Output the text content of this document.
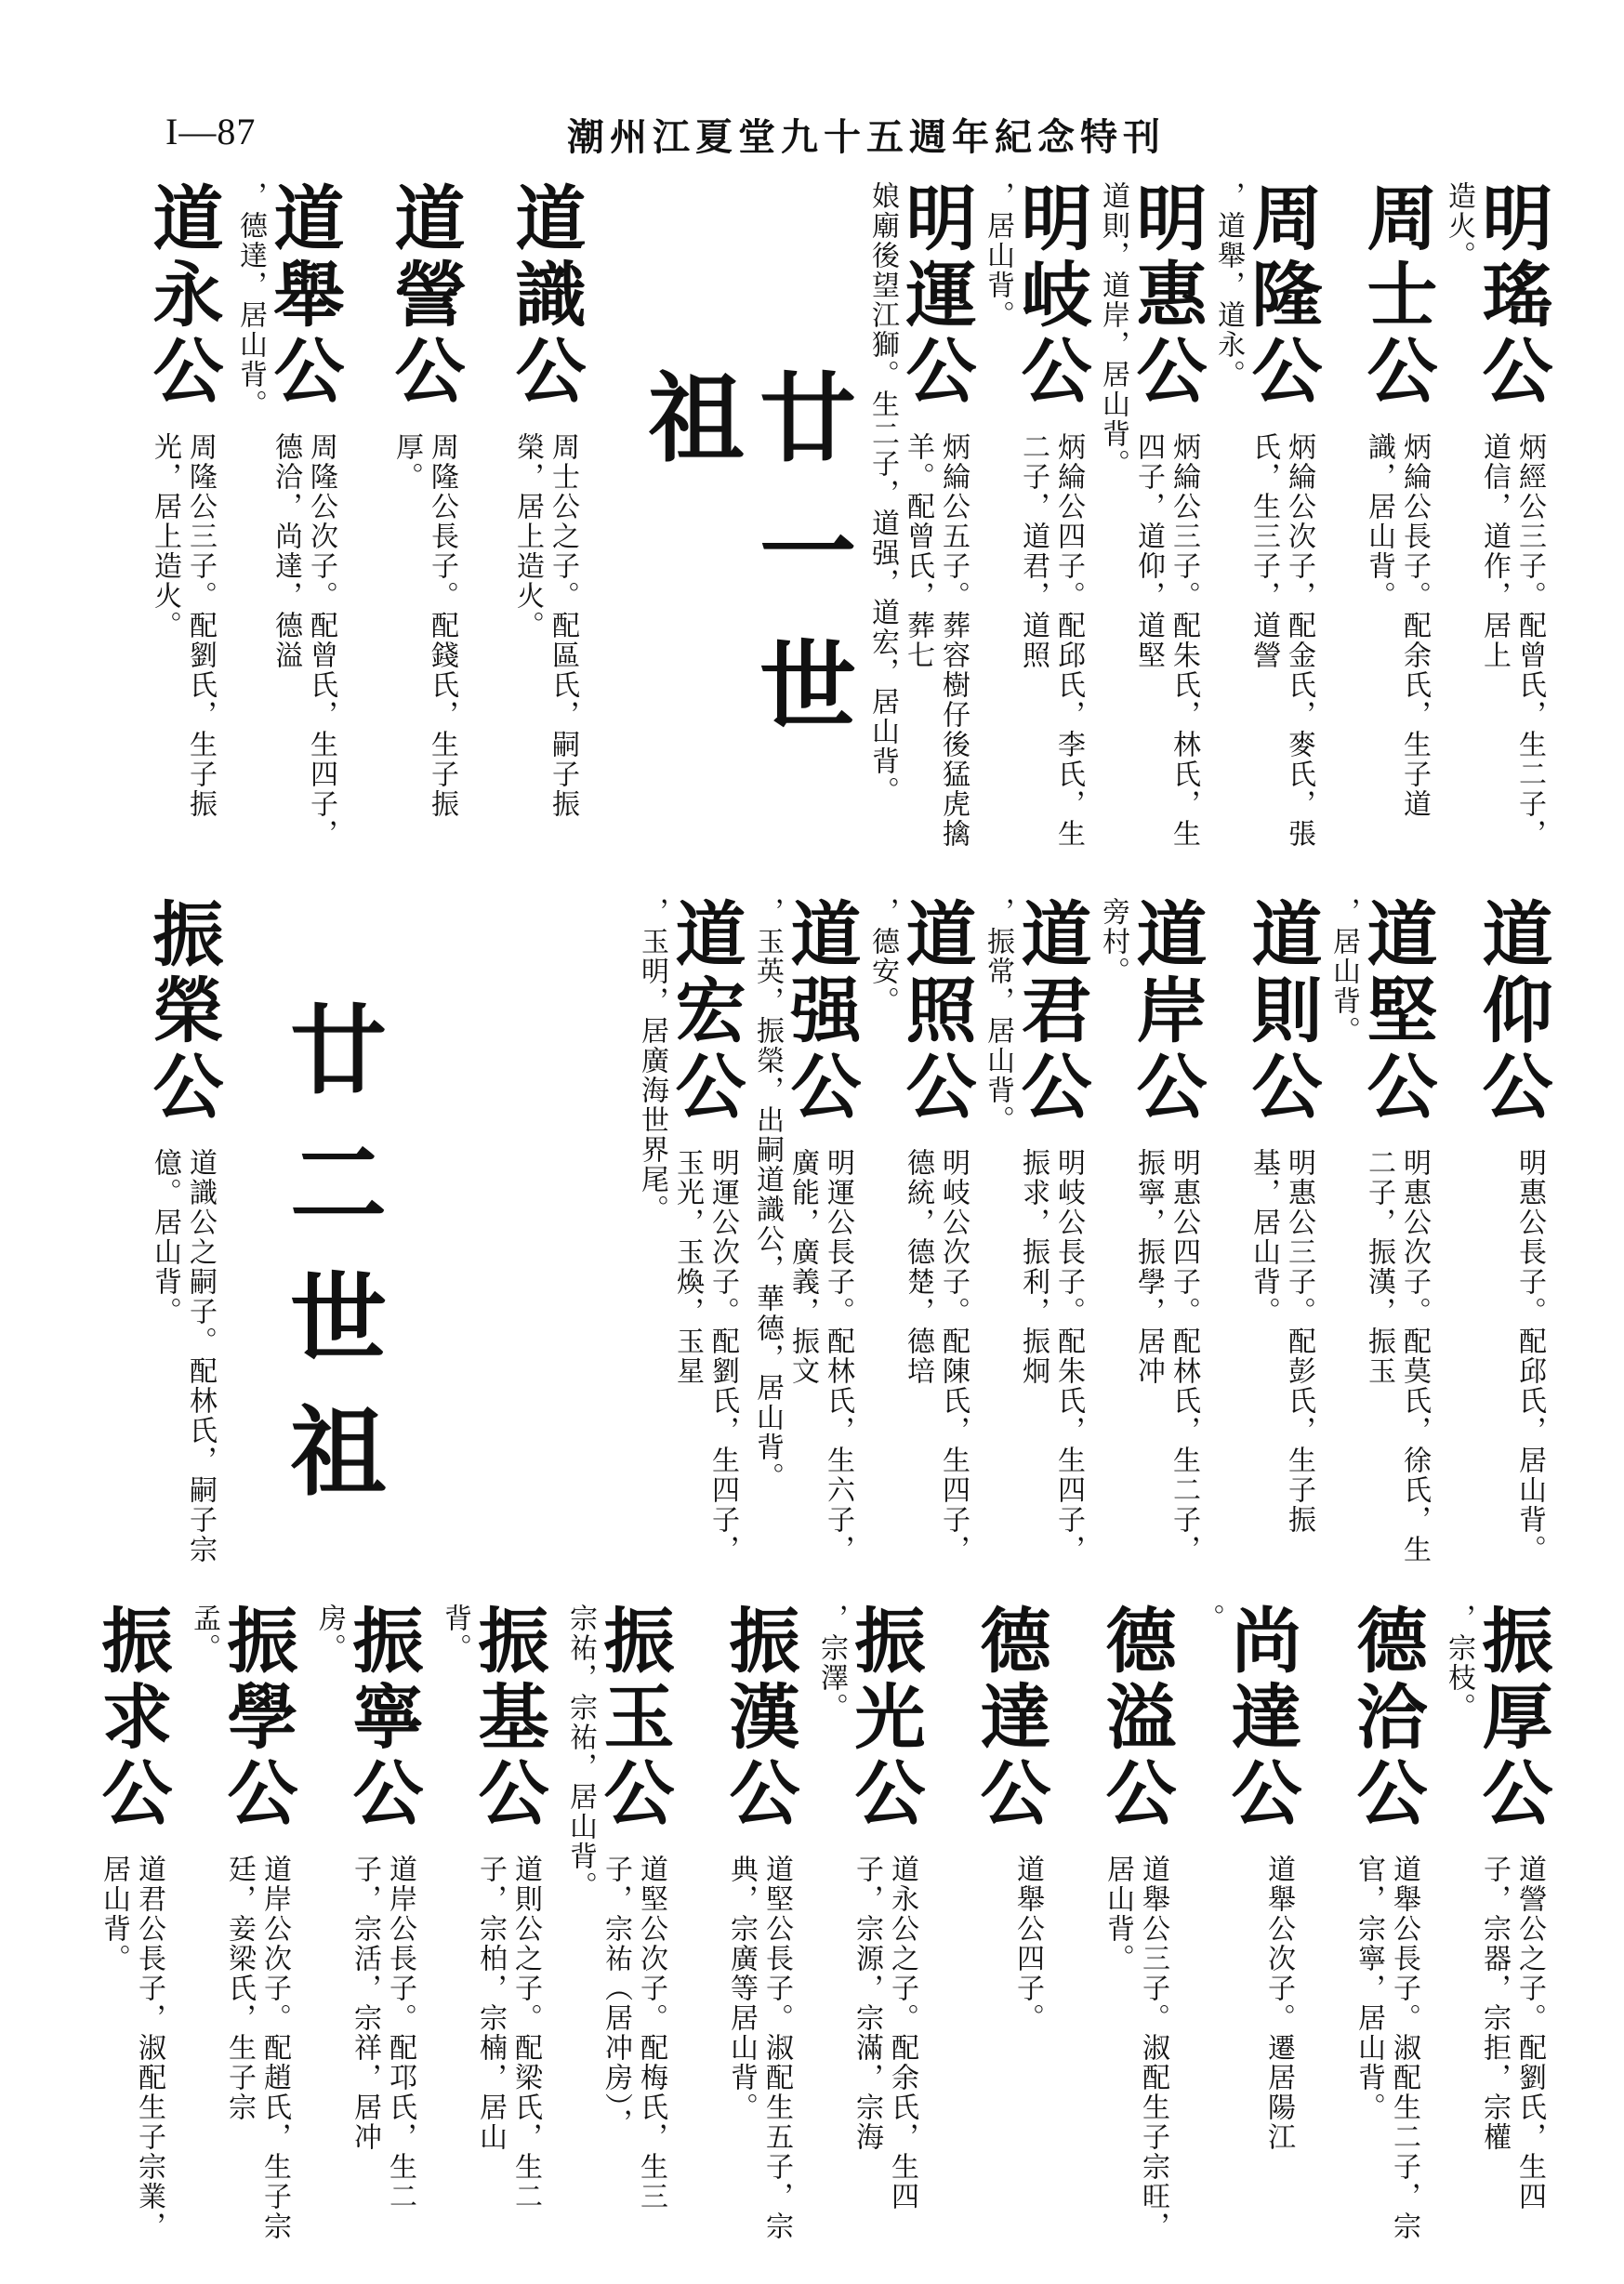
I—87	潮州江夏堂九十五週年紀念特刊
明瑤公
造火。
炳經公三子。配曾氏，生二子，道信，道作，居上
周士公
炳綸公長子。配余氏，生子道識，居山背。
周隆公
，道舉，道永。
炳綸公次子，配金氏，麥氏，張氏，生三子，道謍
明惠公
道則，道岸，居山背。
炳綸公三子。配朱氏，林氏，生四子，道仰，道堅
明岐公
，居山背。
炳綸公四子。配邱氏，李氏，生二子，道君，道照
明運公
娘廟後望江獅。生二子，道强，道宏，居山背。	炳綸公五子。葬容樹仔後猛虎擒羊。配曾氏，葬七
廿一世祖
道識公
周士公之子。配區氏，嗣子振榮，居上造火。
道謍公
周隆公長子。配錢氏，生子振厚。
道舉公
，德達，居山背。
周隆公次子。配曾氏，生四子，德洽，尚達，德溢
道永公
周隆公三子。配劉氏，生子振光，居上造火。
道仰公
明惠公長子。配邱氏，居山背。
道堅公
，居山背。
明惠公次子。配莫氏，徐氏，生二子，振漢，振玉
道則公
明惠公三子。配彭氏，生子振基，居山背。
道岸公
旁村。
明惠公四子。配林氏，生二子，振寧，振學，居冲
道君公
，振常，居山背。
明岐公長子。配朱氏，生四子，振求，振利，振炯
道照公
，德安。
明岐公次子。配陳氏，生四子，德統，德楚，德培
道强公
，玉英，振榮，出嗣道識公，華德，居山背。	明運公長子。配林氏，生六子，廣能，廣義，振文
道宏公
，玉明，居廣海世界尾。
明運公次子。配劉氏，生四子，玉光，玉煥，玉星
廿二世祖
振榮公
道識公之嗣子。配林氏，嗣子宗億。居山背。
振厚公
，宗枝。
道謍公之子。配劉氏，生四子，宗器，宗拒，宗權
德洽公
道舉公長子。淑配生二子，宗官，宗寧，居山背。
尚達公
。
道舉公次子。遷居陽江
德溢公
道舉公三子。淑配生子宗旺，居山背。
德達公
道舉公四子。
振光公
，宗澤。
道永公之子。配余氏，生四子，宗源，宗滿，宗海
振漢公
道堅公長子。淑配生五子，宗典，宗廣等居山背。
振玉公
宗祐，宗祐，居山背。
道堅公次子。配梅氏，生三子，宗祐（居冲房），
振基公
背。
道則公之子。配梁氏，生二子，宗柏，宗楠，居山
振寧公
房。
道岸公長子。配邛氏，生二子，宗活，宗祥，居冲
振學公
孟。
道岸公次子。配趙氏，生子宗廷，妾梁氏，生子宗
振求公
道君公長子，淑配生子宗業，居山背。
